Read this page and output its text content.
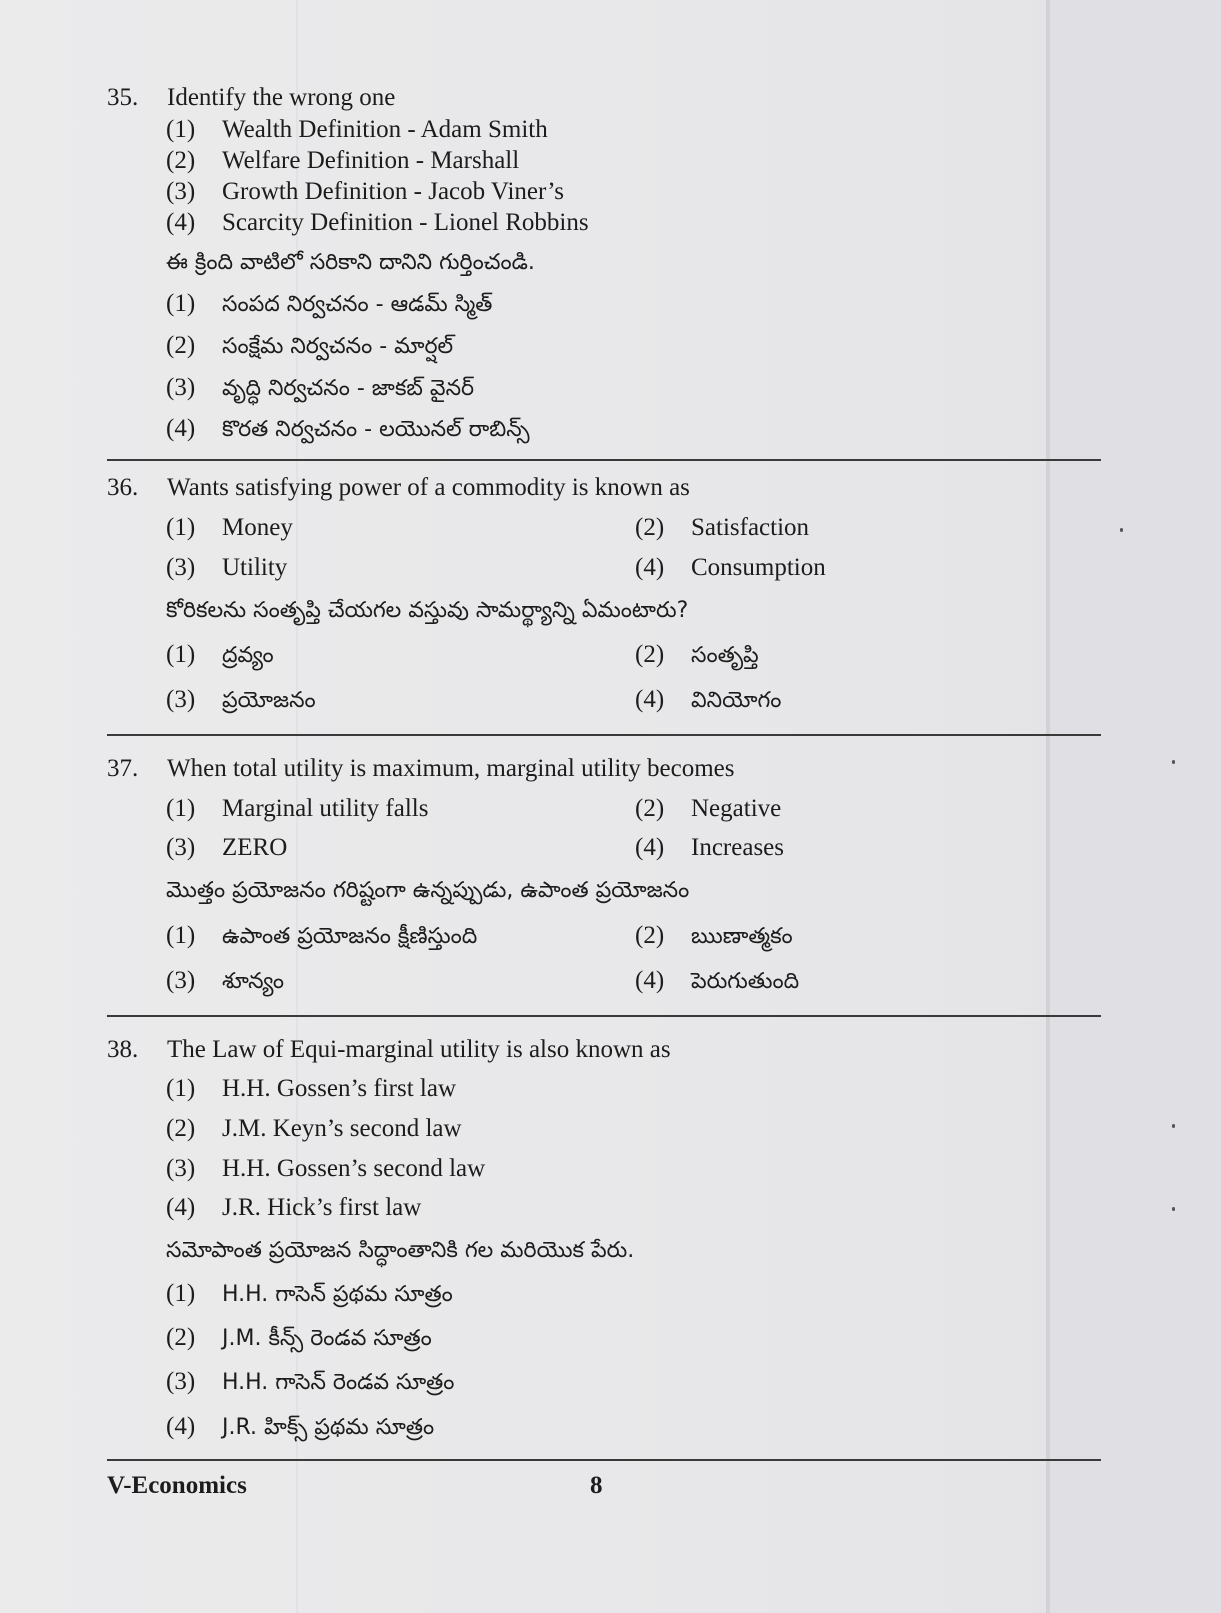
35. Identify the wrong one
(1) Wealth Definition - Adam Smith
(2) Welfare Definition - Marshall
(3) Growth Definition - Jacob Viner’s
(4) Scarcity Definition - Lionel Robbins
ఈ క్రింది వాటిలో సరికాని దానిని గుర్తించండి.
(1) సంపద నిర్వచనం - ఆడమ్ స్మిత్
(2) సంక్షేమ నిర్వచనం - మార్షల్
(3) వృద్ధి నిర్వచనం - జాకబ్ వైనర్
(4) కొరత నిర్వచనం - లయొనల్ రాబిన్స్
36. Wants satisfying power of a commodity is known as
(1) Money	(2) Satisfaction
(3) Utility	(4) Consumption
కోరికలను సంతృప్తి చేయగల వస్తువు సామర్థ్యాన్ని ఏమంటారు?
(1) ద్రవ్యం	(2) సంతృప్తి
(3) ప్రయోజనం	(4) వినియోగం
37. When total utility is maximum, marginal utility becomes
(1) Marginal utility falls	(2) Negative
(3) ZERO	(4) Increases
మొత్తం ప్రయోజనం గరిష్టంగా ఉన్నప్పుడు, ఉపాంత ప్రయోజనం
(1) ఉపాంత ప్రయోజనం క్షీణిస్తుంది	(2) ఋణాత్మకం
(3) శూన్యం	(4) పెరుగుతుంది
38. The Law of Equi-marginal utility is also known as
(1) H.H. Gossen’s first law
(2) J.M. Keyn’s second law
(3) H.H. Gossen’s second law
(4) J.R. Hick’s first law
సమోపాంత ప్రయోజన సిద్ధాంతానికి గల మరియొక పేరు.
(1) H.H. గాసెన్ ప్రథమ సూత్రం
(2) J.M. కీన్స్ రెండవ సూత్రం
(3) H.H. గాసెన్ రెండవ సూత్రం
(4) J.R. హిక్స్ ప్రథమ సూత్రం
V-Economics	8
